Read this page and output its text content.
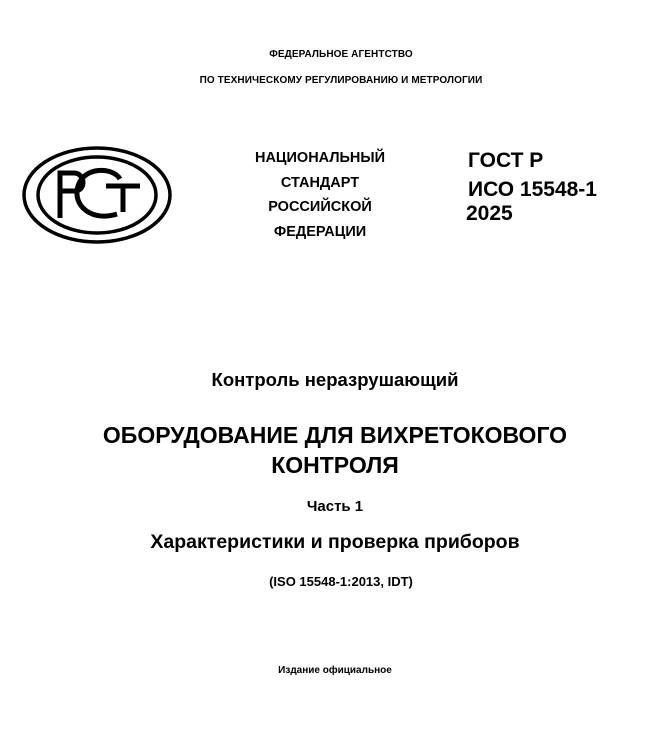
ФЕДЕРАЛЬНОЕ АГЕНТСТВО
ПО ТЕХНИЧЕСКОМУ РЕГУЛИРОВАНИЮ И МЕТРОЛОГИИ
НАЦИОНАЛЬНЫЙ
СТАНДАРТ
РОССИЙСКОЙ
ФЕДЕРАЦИИ
ГОСТ Р
ИСО 15548-1
2025
Контроль неразрушающий
ОБОРУДОВАНИЕ ДЛЯ ВИХРЕТОКОВОГО
КОНТРОЛЯ
Часть 1
Характеристики и проверка приборов
(ISO 15548-1:2013, IDT)
Издание официальное
